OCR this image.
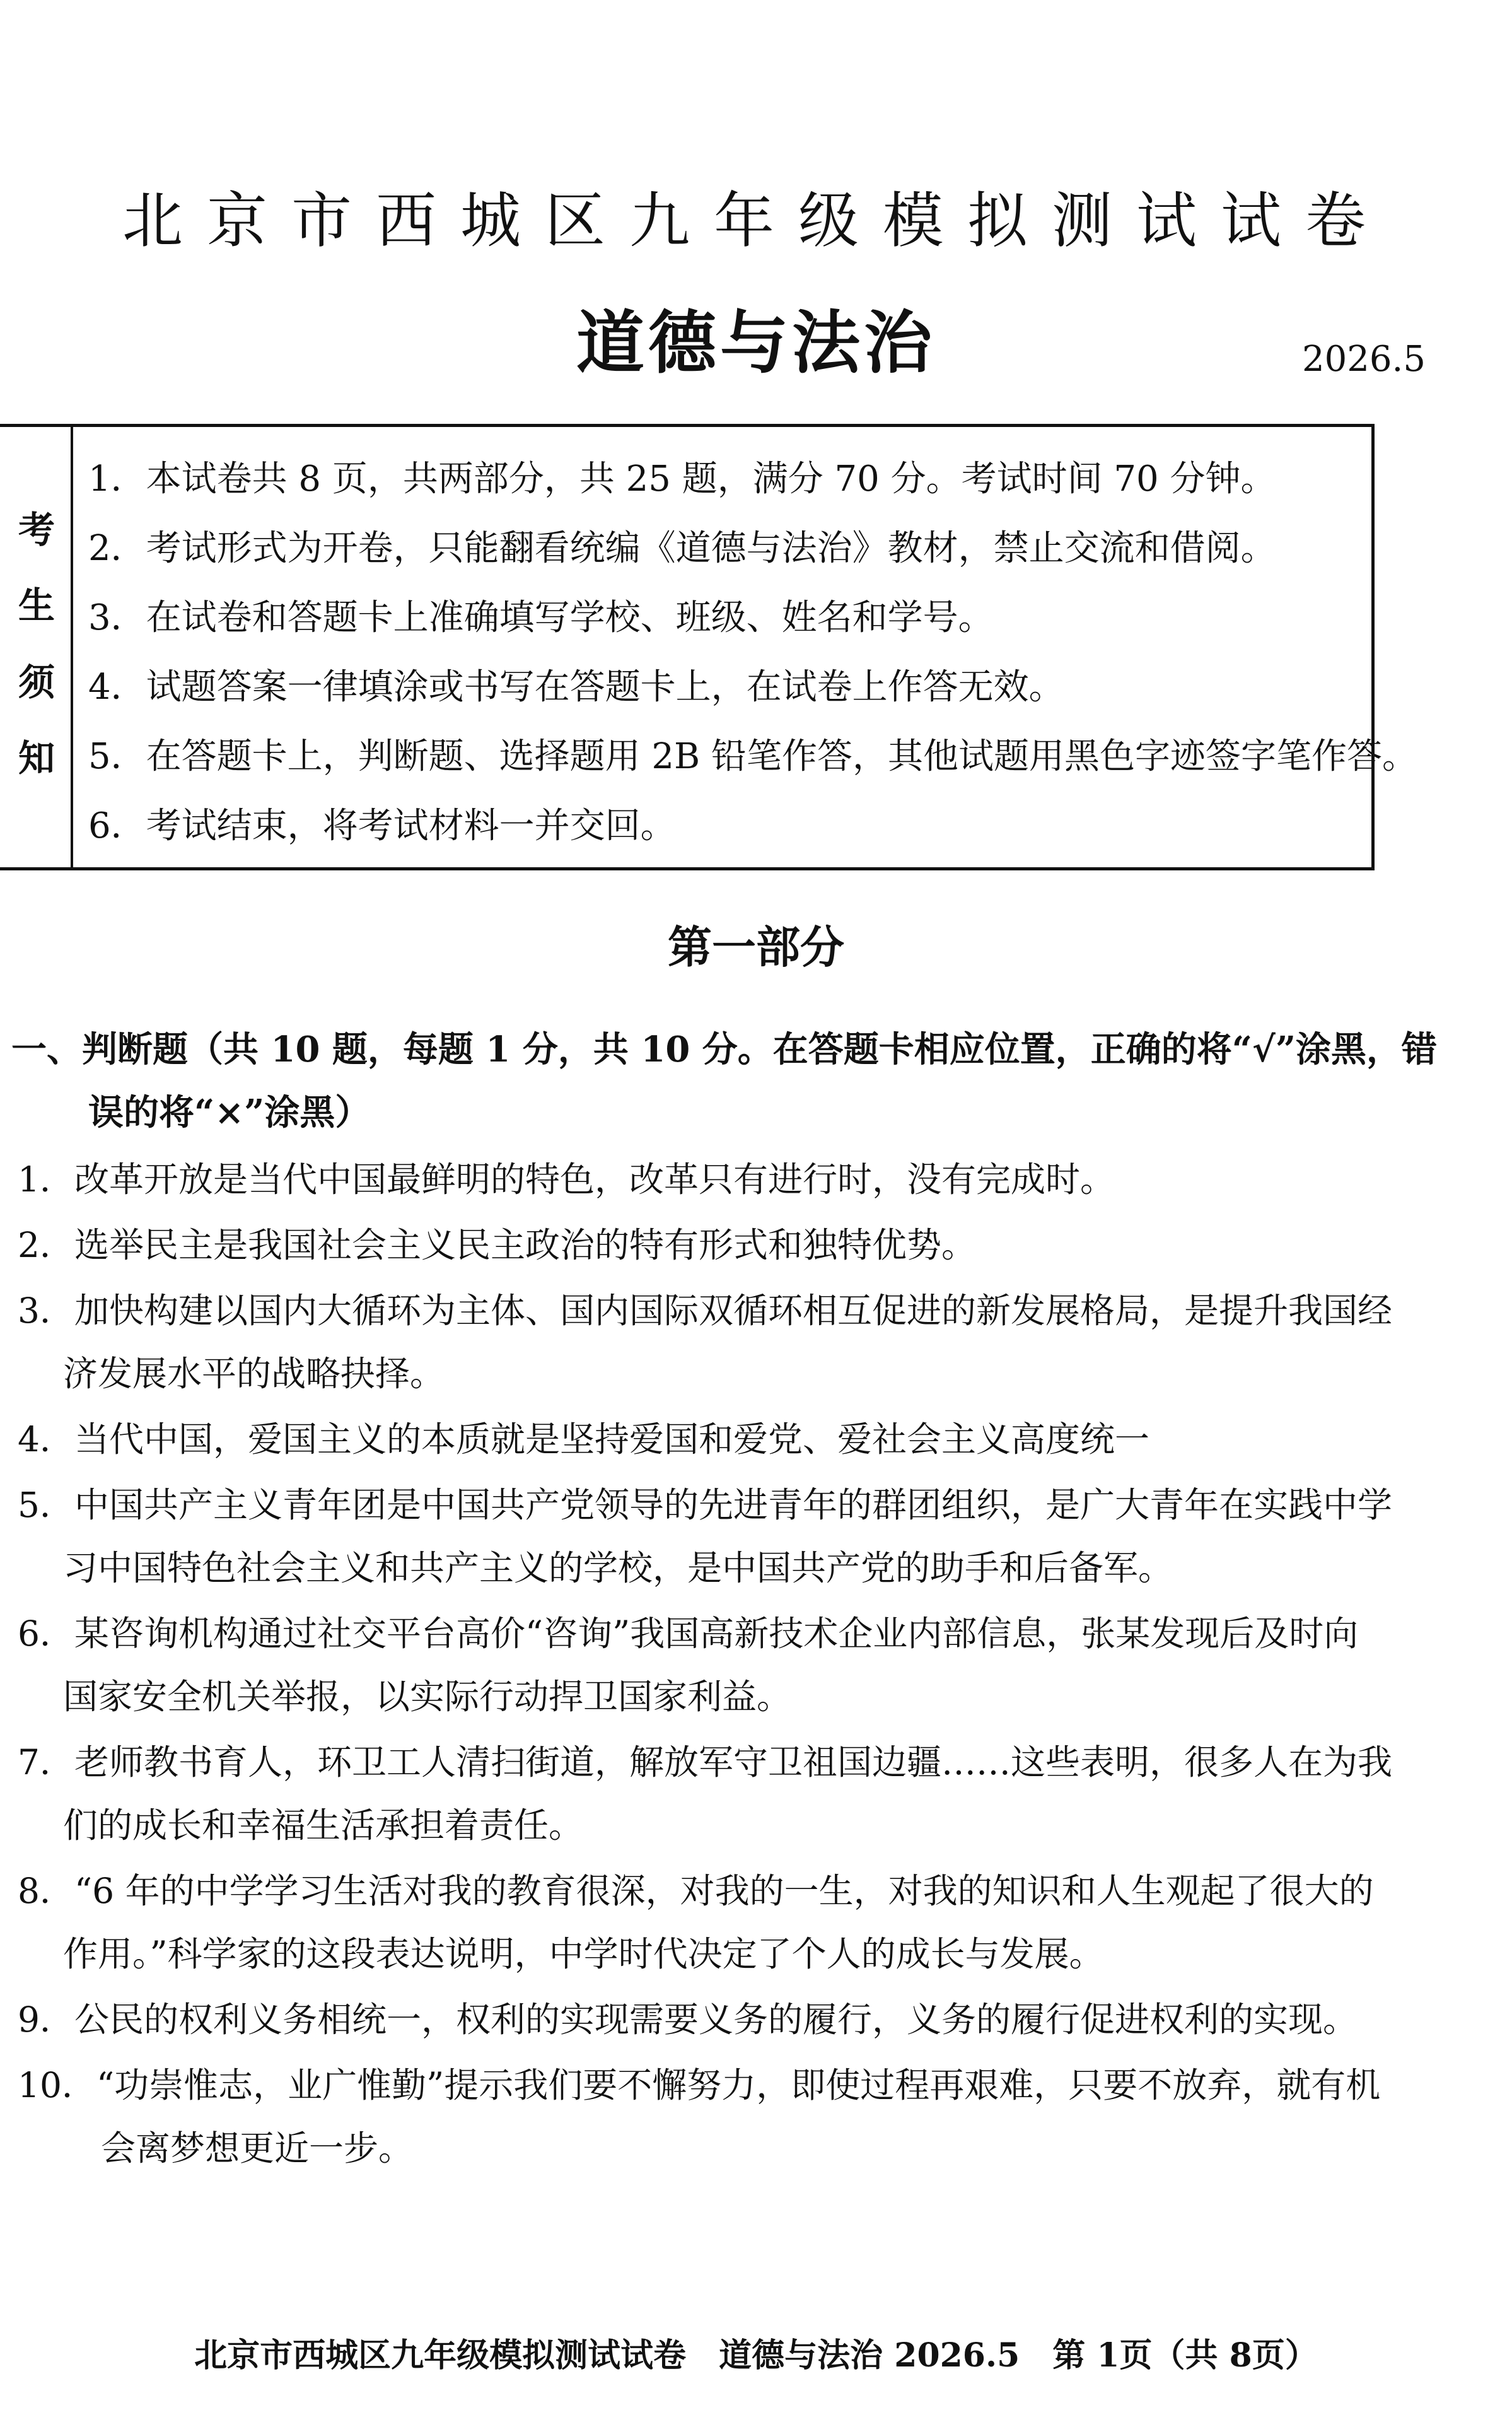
北京市西城区九年级模拟测试试卷
道德与法治	2026.5
考
生
须
知
1．本试卷共 8 页，共两部分，共 25 题，满分 70 分。考试时间 70 分钟。
2．考试形式为开卷，只能翻看统编《道德与法治》教材，禁止交流和借阅。
3．在试卷和答题卡上准确填写学校、班级、姓名和学号。
4．试题答案一律填涂或书写在答题卡上，在试卷上作答无效。
5．在答题卡上，判断题、选择题用 2B 铅笔作答，其他试题用黑色字迹签字笔作答。
6．考试结束，将考试材料一并交回。
第一部分
一、判断题（共 10 题，每题 1 分，共 10 分。在答题卡相应位置，正确的将“√”涂黑，错
误的将“×”涂黑）
1．改革开放是当代中国最鲜明的特色，改革只有进行时，没有完成时。
2．选举民主是我国社会主义民主政治的特有形式和独特优势。
3．加快构建以国内大循环为主体、国内国际双循环相互促进的新发展格局，是提升我国经
济发展水平的战略抉择。
4．当代中国，爱国主义的本质就是坚持爱国和爱党、爱社会主义高度统一
5．中国共产主义青年团是中国共产党领导的先进青年的群团组织，是广大青年在实践中学
习中国特色社会主义和共产主义的学校，是中国共产党的助手和后备军。
6．某咨询机构通过社交平台高价“咨询”我国高新技术企业内部信息，张某发现后及时向
国家安全机关举报，以实际行动捍卫国家利益。
7．老师教书育人，环卫工人清扫街道，解放军守卫祖国边疆……这些表明，很多人在为我
们的成长和幸福生活承担着责任。
8．“6 年的中学学习生活对我的教育很深，对我的一生，对我的知识和人生观起了很大的
作用。”科学家的这段表达说明，中学时代决定了个人的成长与发展。
9．公民的权利义务相统一，权利的实现需要义务的履行，义务的履行促进权利的实现。
10．“功崇惟志，业广惟勤”提示我们要不懈努力，即使过程再艰难，只要不放弃，就有机
会离梦想更近一步。
北京市西城区九年级模拟测试试卷　道德与法治 2026.5　第 1页（共 8页）
